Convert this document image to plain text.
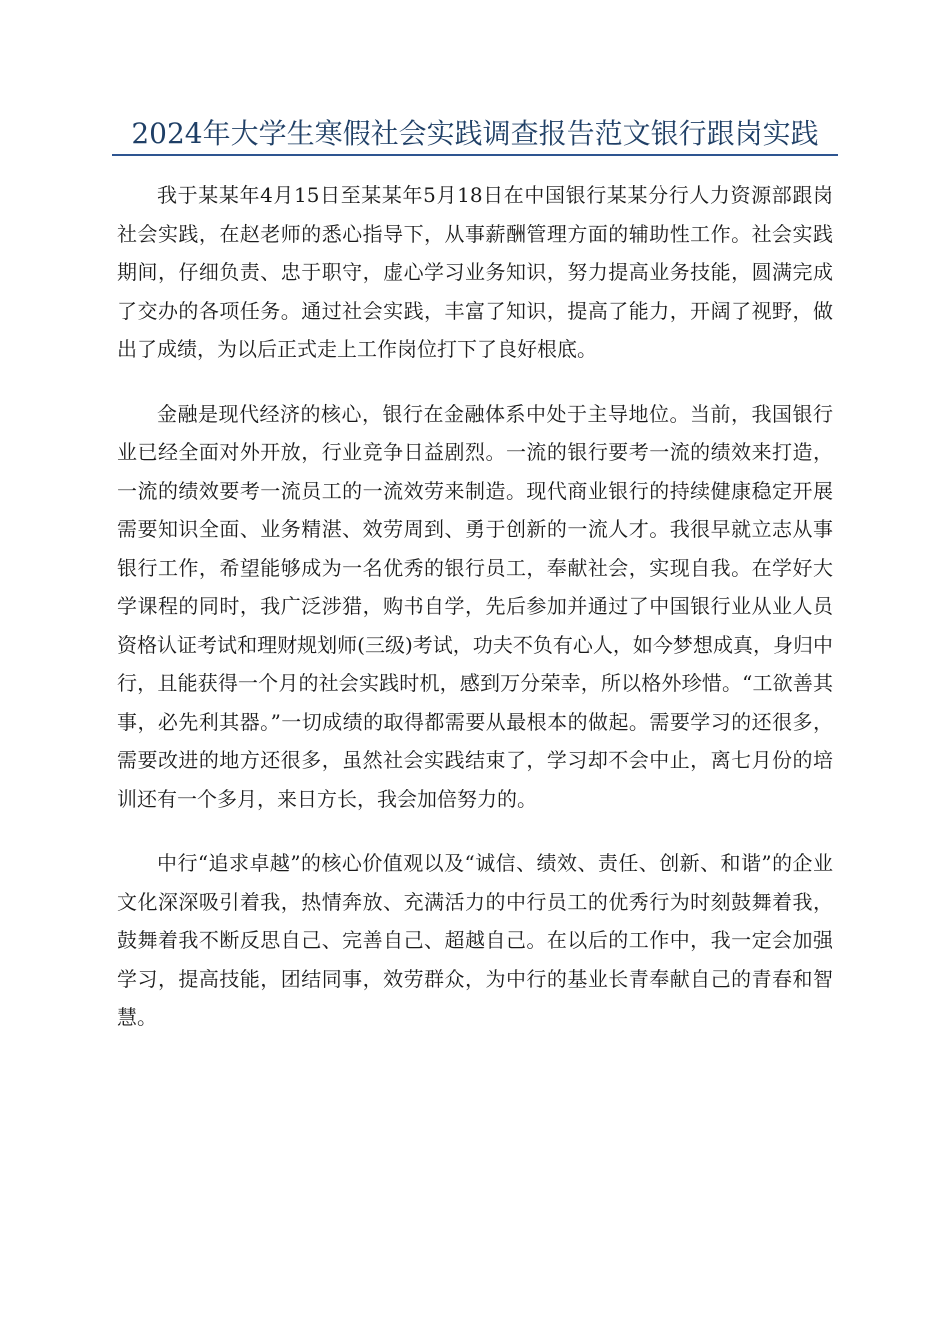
2024年大学生寒假社会实践调查报告范文银行跟岗实践

我于某某年4月15日至某某年5月18日在中国银行某某分行人力资源部跟岗社会实践，在赵老师的悉心指导下，从事薪酬管理方面的辅助性工作。社会实践期间，仔细负责、忠于职守，虚心学习业务知识，努力提高业务技能，圆满完成了交办的各项任务。通过社会实践，丰富了知识，提高了能力，开阔了视野，做出了成绩，为以后正式走上工作岗位打下了良好根底。

金融是现代经济的核心，银行在金融体系中处于主导地位。当前，我国银行业已经全面对外开放，行业竞争日益剧烈。一流的银行要考一流的绩效来打造，一流的绩效要考一流员工的一流效劳来制造。现代商业银行的持续健康稳定开展需要知识全面、业务精湛、效劳周到、勇于创新的一流人才。我很早就立志从事银行工作，希望能够成为一名优秀的银行员工，奉献社会，实现自我。在学好大学课程的同时，我广泛涉猎，购书自学，先后参加并通过了中国银行业从业人员资格认证考试和理财规划师(三级)考试，功夫不负有心人，如今梦想成真，身归中行，且能获得一个月的社会实践时机，感到万分荣幸，所以格外珍惜。“工欲善其事，必先利其器。”一切成绩的取得都需要从最根本的做起。需要学习的还很多，需要改进的地方还很多，虽然社会实践结束了，学习却不会中止，离七月份的培训还有一个多月，来日方长，我会加倍努力的。

中行“追求卓越”的核心价值观以及“诚信、绩效、责任、创新、和谐”的企业文化深深吸引着我，热情奔放、充满活力的中行员工的优秀行为时刻鼓舞着我，鼓舞着我不断反思自己、完善自己、超越自己。在以后的工作中，我一定会加强学习，提高技能，团结同事，效劳群众，为中行的基业长青奉献自己的青春和智慧。
